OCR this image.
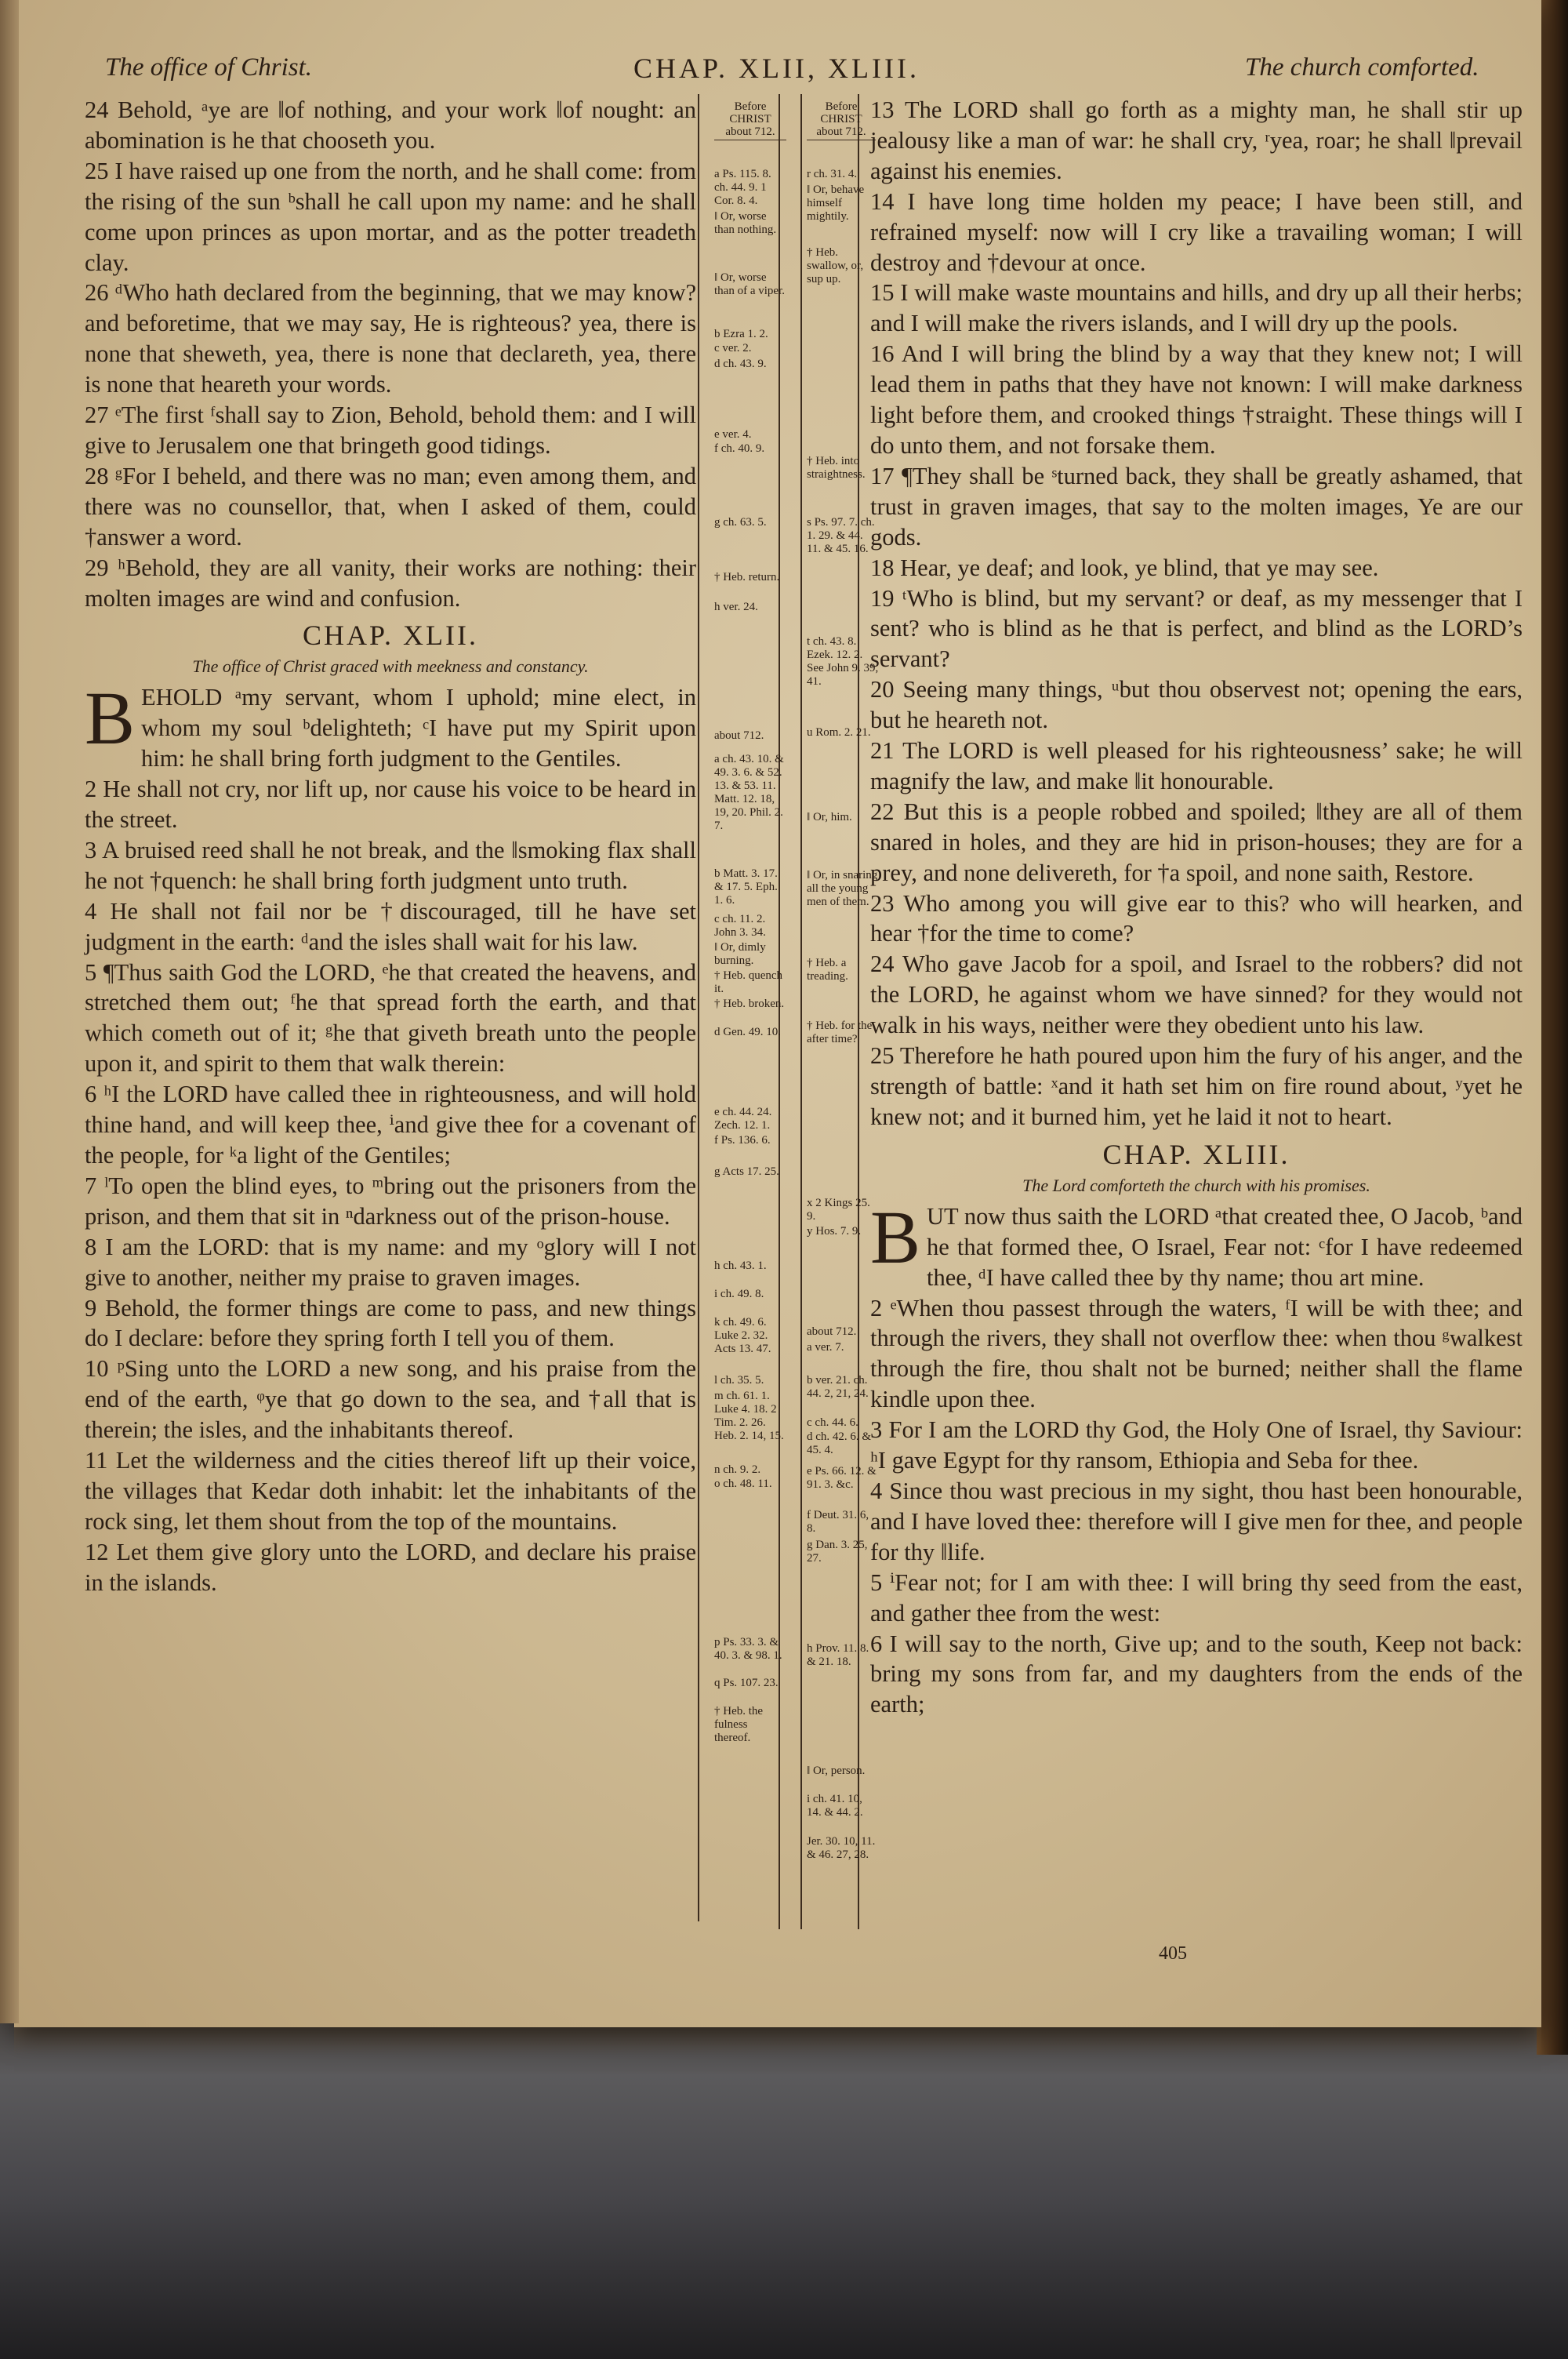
The office of Christ.	CHAP. XLII, XLIII.	The church comforted.

24 Behold, ᵃye are ‖of nothing, and your work ‖of nought: an abomination is he that chooseth you.

25 I have raised up one from the north, and he shall come: from the rising of the sun ᵇshall he call upon my name: and he shall come upon princes as upon mortar, and as the potter treadeth clay.

26 ᵈWho hath declared from the beginning, that we may know? and beforetime, that we may say, He is righteous? yea, there is none that sheweth, yea, there is none that declareth, yea, there is none that heareth your words.

27 ᵉThe first ᶠshall say to Zion, Behold, behold them: and I will give to Jerusalem one that bringeth good tidings.

28 ᵍFor I beheld, and there was no man; even among them, and there was no counsellor, that, when I asked of them, could †answer a word.

29 ʰBehold, they are all vanity, their works are nothing: their molten images are wind and confusion.

CHAP. XLII.
The office of Christ graced with meekness and constancy.

BEHOLD ᵃmy servant, whom I uphold; mine elect, in whom my soul ᵇdelighteth; ᶜI have put my Spirit upon him: he shall bring forth judgment to the Gentiles.

2 He shall not cry, nor lift up, nor cause his voice to be heard in the street.

3 A bruised reed shall he not break, and the ‖smoking flax shall he not †quench: he shall bring forth judgment unto truth.

4 He shall not fail nor be †discouraged, till he have set judgment in the earth: ᵈand the isles shall wait for his law.

5 ¶Thus saith God the LORD, ᵉhe that created the heavens, and stretched them out; ᶠhe that spread forth the earth, and that which cometh out of it; ᵍhe that giveth breath unto the people upon it, and spirit to them that walk therein:

6 ʰI the LORD have called thee in righteousness, and will hold thine hand, and will keep thee, ⁱand give thee for a covenant of the people, for ᵏa light of the Gentiles;

7 ˡTo open the blind eyes, to ᵐbring out the prisoners from the prison, and them that sit in ⁿdarkness out of the prison-house.

8 I am the LORD: that is my name: and my ᵒglory will I not give to another, neither my praise to graven images.

9 Behold, the former things are come to pass, and new things do I declare: before they spring forth I tell you of them.

10 ᵖSing unto the LORD a new song, and his praise from the end of the earth, ᵠye that go down to the sea, and †all that is therein; the isles, and the inhabitants thereof.

11 Let the wilderness and the cities thereof lift up their voice, the villages that Kedar doth inhabit: let the inhabitants of the rock sing, let them shout from the top of the mountains.

12 Let them give glory unto the LORD, and declare his praise in the islands.

Before
CHRIST
about 712.
a Ps. 115. 8. ch. 44. 9. 1 Cor. 8. 4.
‖ Or, worse than nothing.
‖ Or, worse than of a viper.
b Ezra 1. 2.
c ver. 2.
d ch. 43. 9.
e ver. 4.
f ch. 40. 9.
g ch. 63. 5.
† Heb. return.
h ver. 24.
about 712.
a ch. 43. 10. & 49. 3. 6. & 52. 13. & 53. 11. Matt. 12. 18, 19, 20. Phil. 2. 7.
b Matt. 3. 17. & 17. 5. Eph. 1. 6.
c ch. 11. 2. John 3. 34.
‖ Or, dimly burning.
† Heb. quench it.
† Heb. broken.
d Gen. 49. 10.
e ch. 44. 24. Zech. 12. 1.
f Ps. 136. 6.
g Acts 17. 25.
h ch. 43. 1.
i ch. 49. 8.
k ch. 49. 6. Luke 2. 32. Acts 13. 47.
l ch. 35. 5.
m ch. 61. 1. Luke 4. 18. 2 Tim. 2. 26. Heb. 2. 14, 15.
n ch. 9. 2.
o ch. 48. 11.
p Ps. 33. 3. & 40. 3. & 98. 1.
q Ps. 107. 23.
† Heb. the fulness thereof.
Before
CHRIST
about 712.
r ch. 31. 4.
‖ Or, behave himself mightily.
† Heb. swallow, or, sup up.
† Heb. into straightness.
s Ps. 97. 7. ch. 1. 29. & 44. 11. & 45. 16.
t ch. 43. 8. Ezek. 12. 2. See John 9. 39, 41.
u Rom. 2. 21.
‖ Or, him.
‖ Or, in snaring all the young men of them.
† Heb. a treading.
† Heb. for the after time?
x 2 Kings 25. 9.
y Hos. 7. 9.
about 712.
a ver. 7.
b ver. 21. ch. 44. 2, 21, 24.
c ch. 44. 6.
d ch. 42. 6. & 45. 4.
e Ps. 66. 12. & 91. 3. &c.
f Deut. 31. 6, 8.
g Dan. 3. 25, 27.
h Prov. 11. 8. & 21. 18.
‖ Or, person.
i ch. 41. 10, 14. & 44. 2.
Jer. 30. 10, 11. & 46. 27, 28.

13 The LORD shall go forth as a mighty man, he shall stir up jealousy like a man of war: he shall cry, ʳyea, roar; he shall ‖prevail against his enemies.

14 I have long time holden my peace; I have been still, and refrained myself: now will I cry like a travailing woman; I will destroy and †devour at once.

15 I will make waste mountains and hills, and dry up all their herbs; and I will make the rivers islands, and I will dry up the pools.

16 And I will bring the blind by a way that they knew not; I will lead them in paths that they have not known: I will make darkness light before them, and crooked things †straight. These things will I do unto them, and not forsake them.

17 ¶They shall be ˢturned back, they shall be greatly ashamed, that trust in graven images, that say to the molten images, Ye are our gods.

18 Hear, ye deaf; and look, ye blind, that ye may see.

19 ᵗWho is blind, but my servant? or deaf, as my messenger that I sent? who is blind as he that is perfect, and blind as the LORD’s servant?

20 Seeing many things, ᵘbut thou observest not; opening the ears, but he heareth not.

21 The LORD is well pleased for his righteousness’ sake; he will magnify the law, and make ‖it honourable.

22 But this is a people robbed and spoiled; ‖they are all of them snared in holes, and they are hid in prison-houses; they are for a prey, and none delivereth, for †a spoil, and none saith, Restore.

23 Who among you will give ear to this? who will hearken, and hear †for the time to come?

24 Who gave Jacob for a spoil, and Israel to the robbers? did not the LORD, he against whom we have sinned? for they would not walk in his ways, neither were they obedient unto his law.

25 Therefore he hath poured upon him the fury of his anger, and the strength of battle: ˣand it hath set him on fire round about, ʸyet he knew not; and it burned him, yet he laid it not to heart.

CHAP. XLIII.
The Lord comforteth the church with his promises.

BUT now thus saith the LORD ᵃthat created thee, O Jacob, ᵇand he that formed thee, O Israel, Fear not: ᶜfor I have redeemed thee, ᵈI have called thee by thy name; thou art mine.

2 ᵉWhen thou passest through the waters, ᶠI will be with thee; and through the rivers, they shall not overflow thee: when thou ᵍwalkest through the fire, thou shalt not be burned; neither shall the flame kindle upon thee.

3 For I am the LORD thy God, the Holy One of Israel, thy Saviour: ʰI gave Egypt for thy ransom, Ethiopia and Seba for thee.

4 Since thou wast precious in my sight, thou hast been honourable, and I have loved thee: therefore will I give men for thee, and people for thy ‖life.

5 ⁱFear not; for I am with thee: I will bring thy seed from the east, and gather thee from the west:

6 I will say to the north, Give up; and to the south, Keep not back: bring my sons from far, and my daughters from the ends of the earth;

405
